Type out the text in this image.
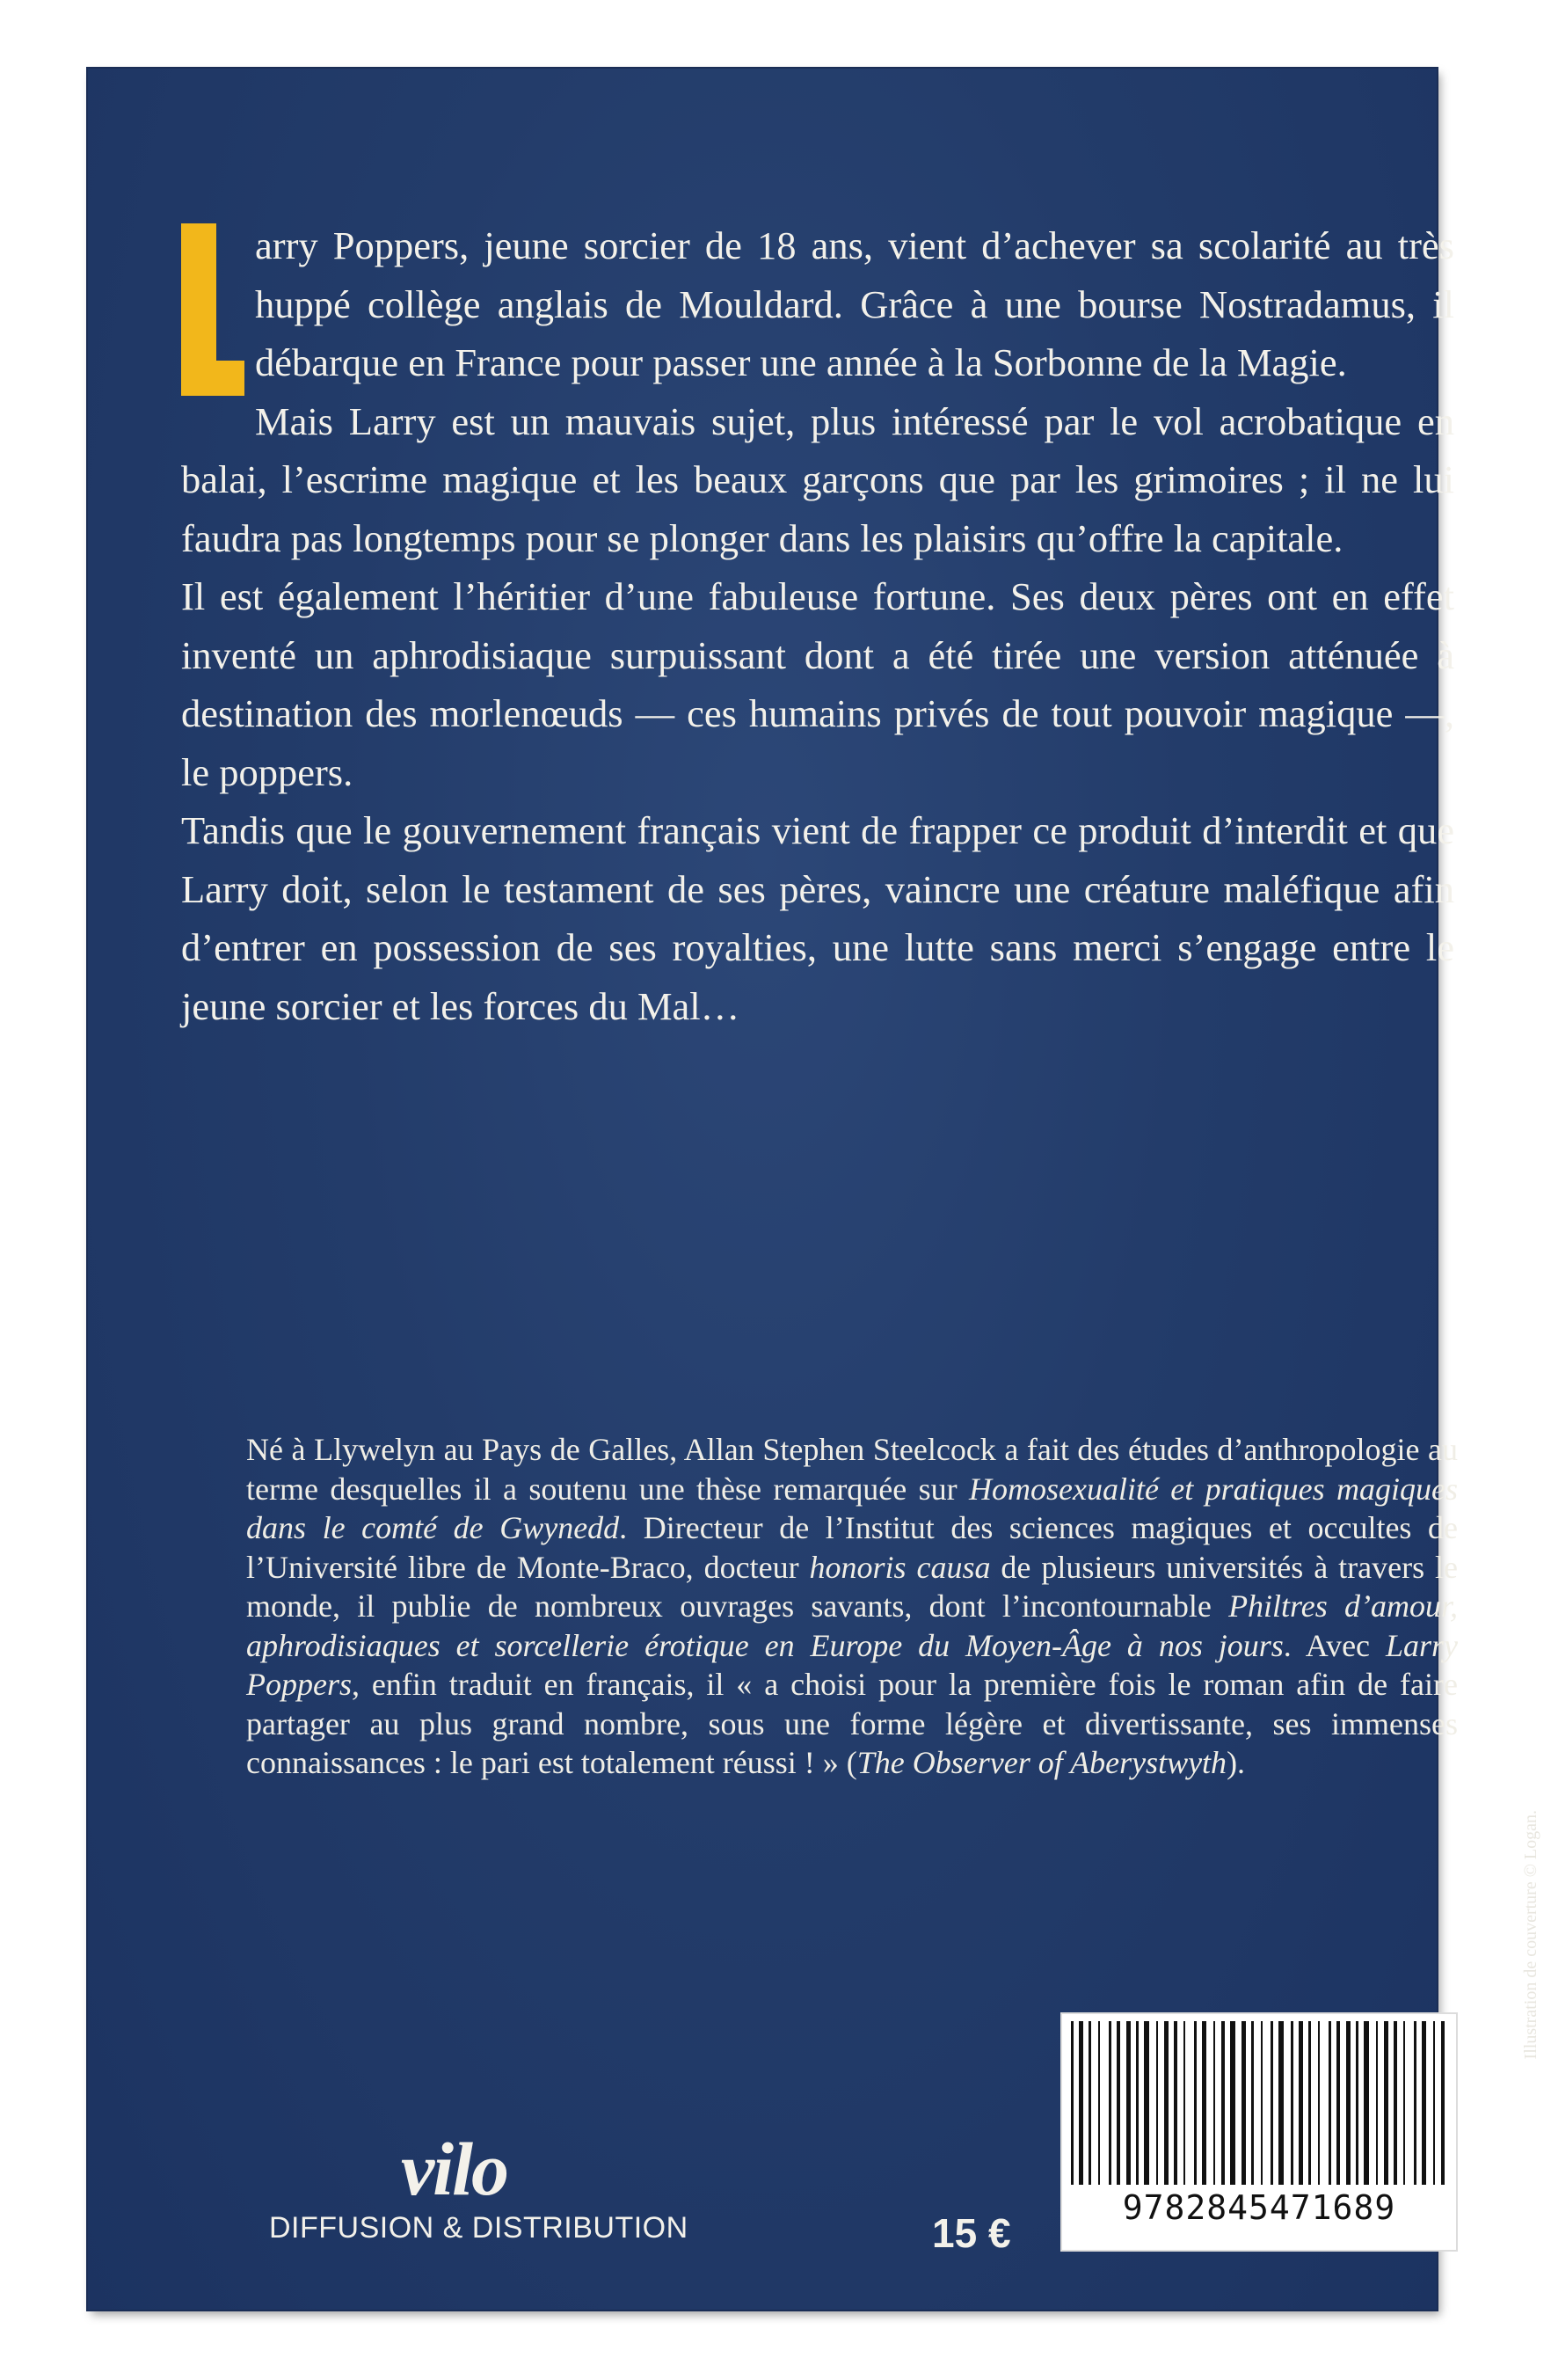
arry Poppers, jeune sorcier de 18 ans, vient d’achever sa scolarité au très huppé collège anglais de Mouldard. Grâce à une bourse Nostradamus, il débarque en France pour passer une année à la Sorbonne de la Magie.

Mais Larry est un mauvais sujet, plus intéressé par le vol acrobatique en balai, l’escrime magique et les beaux garçons que par les grimoires ; il ne lui faudra pas longtemps pour se plonger dans les plaisirs qu’offre la capitale.

Il est également l’héritier d’une fabuleuse fortune. Ses deux pères ont en effet inventé un aphrodisiaque surpuissant dont a été tirée une version atténuée à destination des morlenœuds — ces humains privés de tout pouvoir magique —, le poppers.

Tandis que le gouvernement français vient de frapper ce produit d’interdit et que Larry doit, selon le testament de ses pères, vaincre une créature maléfique afin d’entrer en possession de ses royalties, une lutte sans merci s’engage entre le jeune sorcier et les forces du Mal…

Né à Llywelyn au Pays de Galles, Allan Stephen Steelcock a fait des études d’anthropologie au terme desquelles il a soutenu une thèse remarquée sur Homosexualité et pratiques magiques dans le comté de Gwynedd. Directeur de l’Institut des sciences magiques et occultes de l’Université libre de Monte-Braco, docteur honoris causa de plusieurs universités à travers le monde, il publie de nombreux ouvrages savants, dont l’incontournable Philtres d’amour, aphrodisiaques et sorcellerie érotique en Europe du Moyen-Âge à nos jours. Avec Larry Poppers, enfin traduit en français, il « a choisi pour la première fois le roman afin de faire partager au plus grand nombre, sous une forme légère et divertissante, ses immenses connaissances : le pari est totalement réussi ! » (The Observer of Aberystwyth).

vilo
DIFFUSION & DISTRIBUTION	15 €
9782845471689
Illustration de couverture © Logan.
